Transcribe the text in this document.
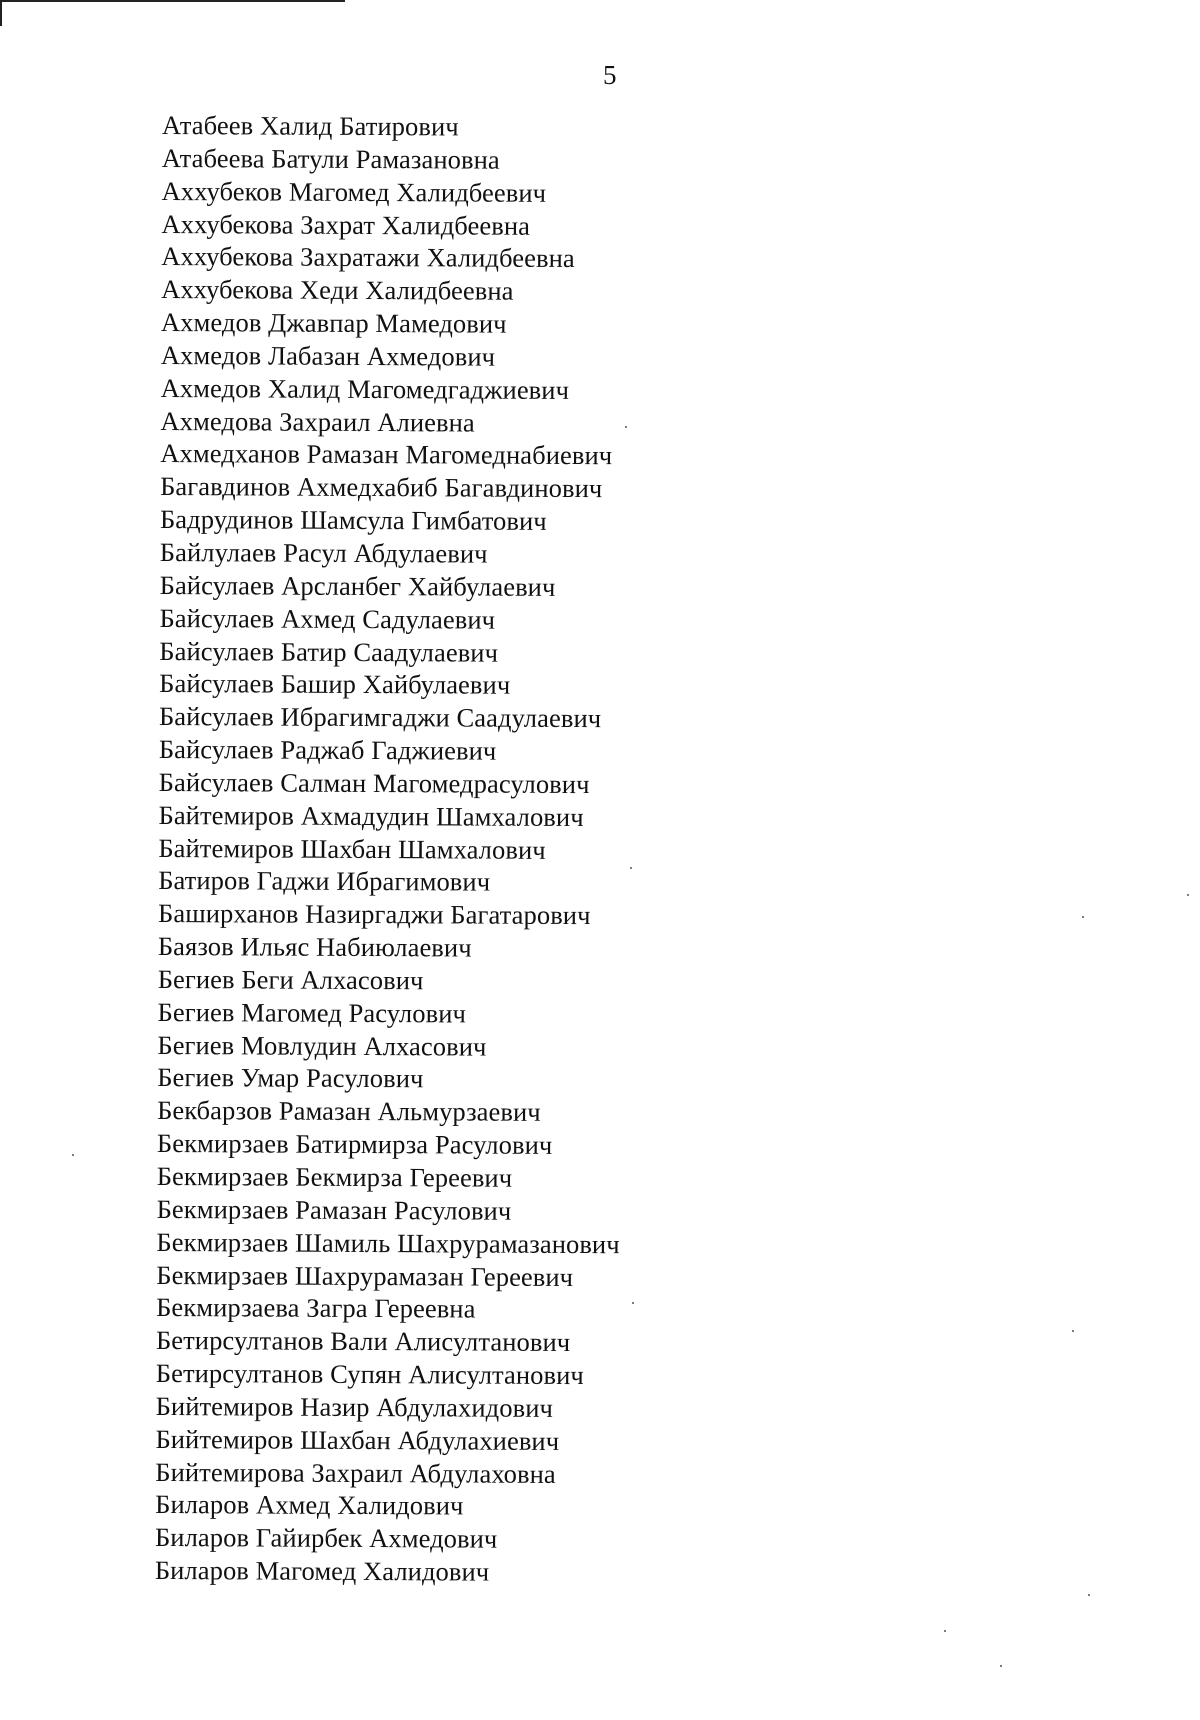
5
Атабеев Халид Батирович
Атабеева Батули Рамазановна
Аххубеков Магомед Халидбеевич
Аххубекова Захрат Халидбеевна
Аххубекова Захратажи Халидбеевна
Аххубекова Хеди Халидбеевна
Ахмедов Джавпар Мамедович
Ахмедов Лабазан Ахмедович
Ахмедов Халид Магомедгаджиевич
Ахмедова Захраил Алиевна
Ахмедханов Рамазан Магомеднабиевич
Багавдинов Ахмедхабиб Багавдинович
Бадрудинов Шамсула Гимбатович
Байлулаев Расул Абдулаевич
Байсулаев Арсланбег Хайбулаевич
Байсулаев Ахмед Садулаевич
Байсулаев Батир Саадулаевич
Байсулаев Башир Хайбулаевич
Байсулаев Ибрагимгаджи Саадулаевич
Байсулаев Раджаб Гаджиевич
Байсулаев Салман Магомедрасулович
Байтемиров Ахмадудин Шамхалович
Байтемиров Шахбан Шамхалович
Батиров Гаджи Ибрагимович
Баширханов Назиргаджи Багатарович
Баязов Ильяс Набиюлаевич
Бегиев Беги Алхасович
Бегиев Магомед Расулович
Бегиев Мовлудин Алхасович
Бегиев Умар Расулович
Бекбарзов Рамазан Альмурзаевич
Бекмирзаев Батирмирза Расулович
Бекмирзаев Бекмирза Гереевич
Бекмирзаев Рамазан Расулович
Бекмирзаев Шамиль Шахрурамазанович
Бекмирзаев Шахрурамазан Гереевич
Бекмирзаева Загра Гереевна
Бетирсултанов Вали Алисултанович
Бетирсултанов Супян Алисултанович
Бийтемиров Назир Абдулахидович
Бийтемиров Шахбан Абдулахиевич
Бийтемирова Захраил Абдулаховна
Биларов Ахмед Халидович
Биларов Гайирбек Ахмедович
Биларов Магомед Халидович
